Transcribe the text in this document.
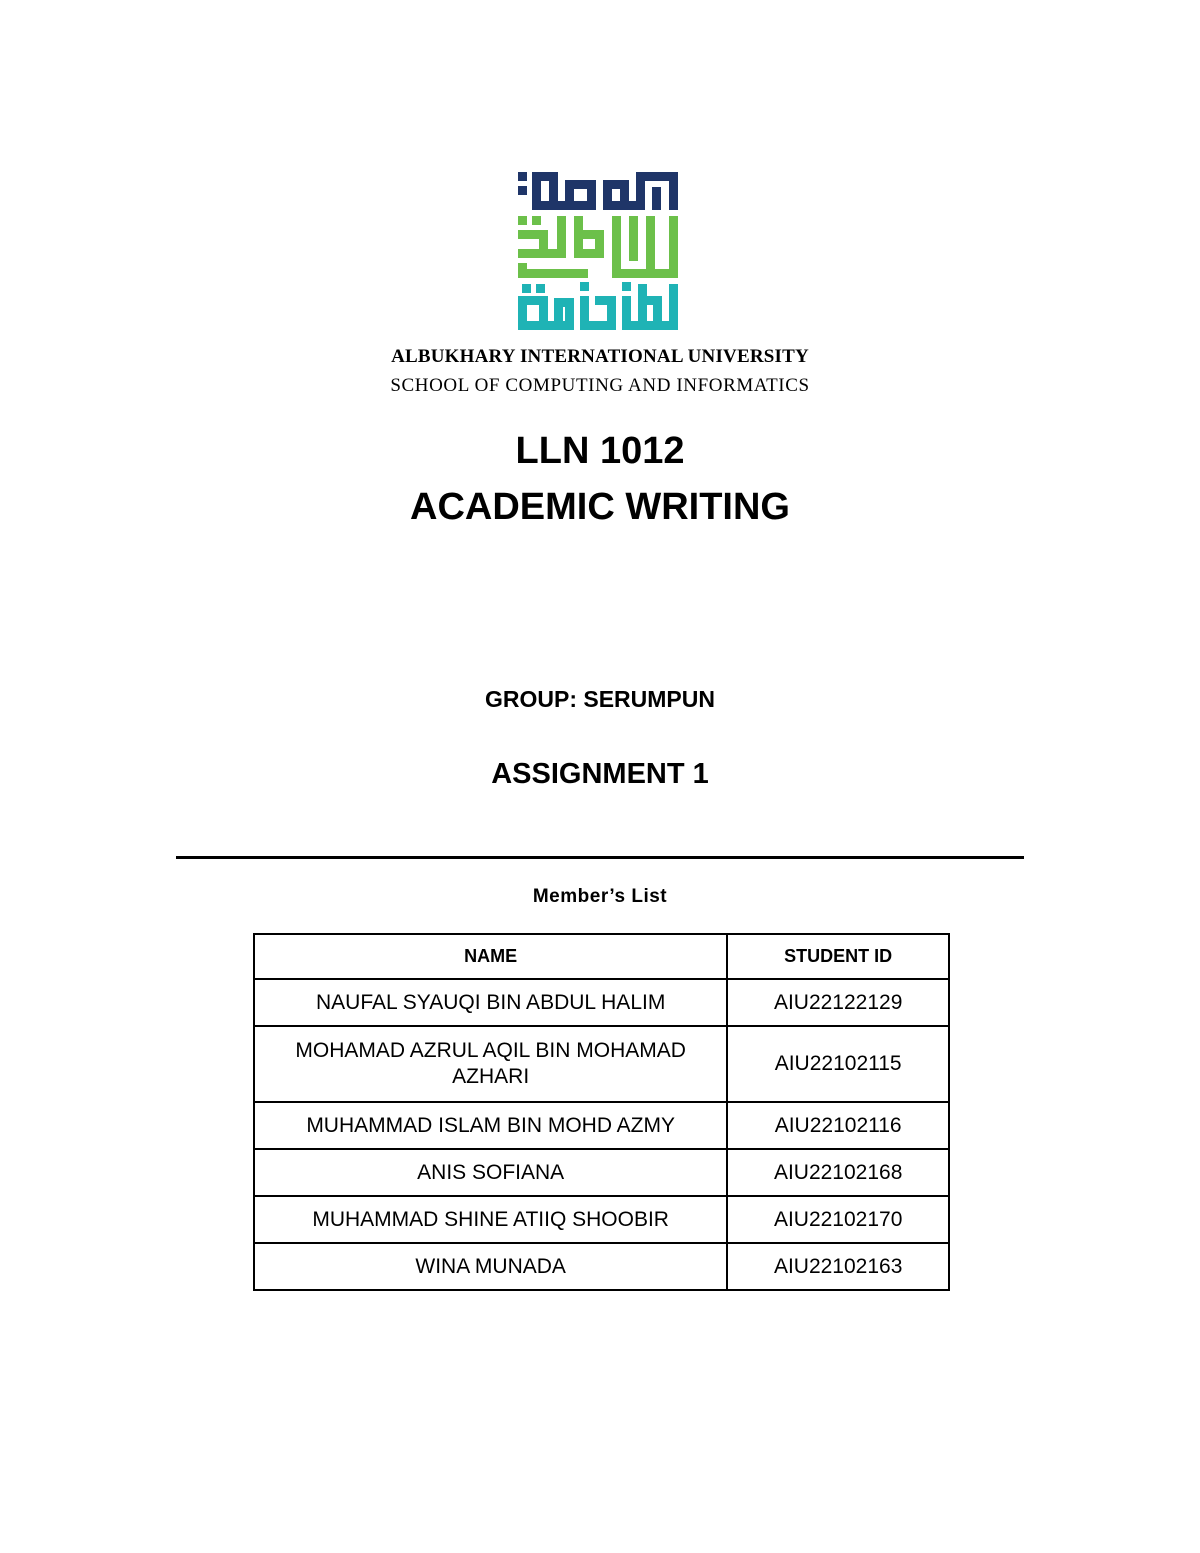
ALBUKHARY INTERNATIONAL UNIVERSITY
SCHOOL OF COMPUTING AND INFORMATICS
LLN 1012
ACADEMIC WRITING
GROUP: SERUMPUN
ASSIGNMENT 1
Member’s List
NAME	STUDENT ID
NAUFAL SYAUQI BIN ABDUL HALIM	AIU22122129
MOHAMAD AZRUL AQIL BIN MOHAMAD AZHARI	AIU22102115
MUHAMMAD ISLAM BIN MOHD AZMY	AIU22102116
ANIS SOFIANA	AIU22102168
MUHAMMAD SHINE ATIIQ SHOOBIR	AIU22102170
WINA MUNADA	AIU22102163
